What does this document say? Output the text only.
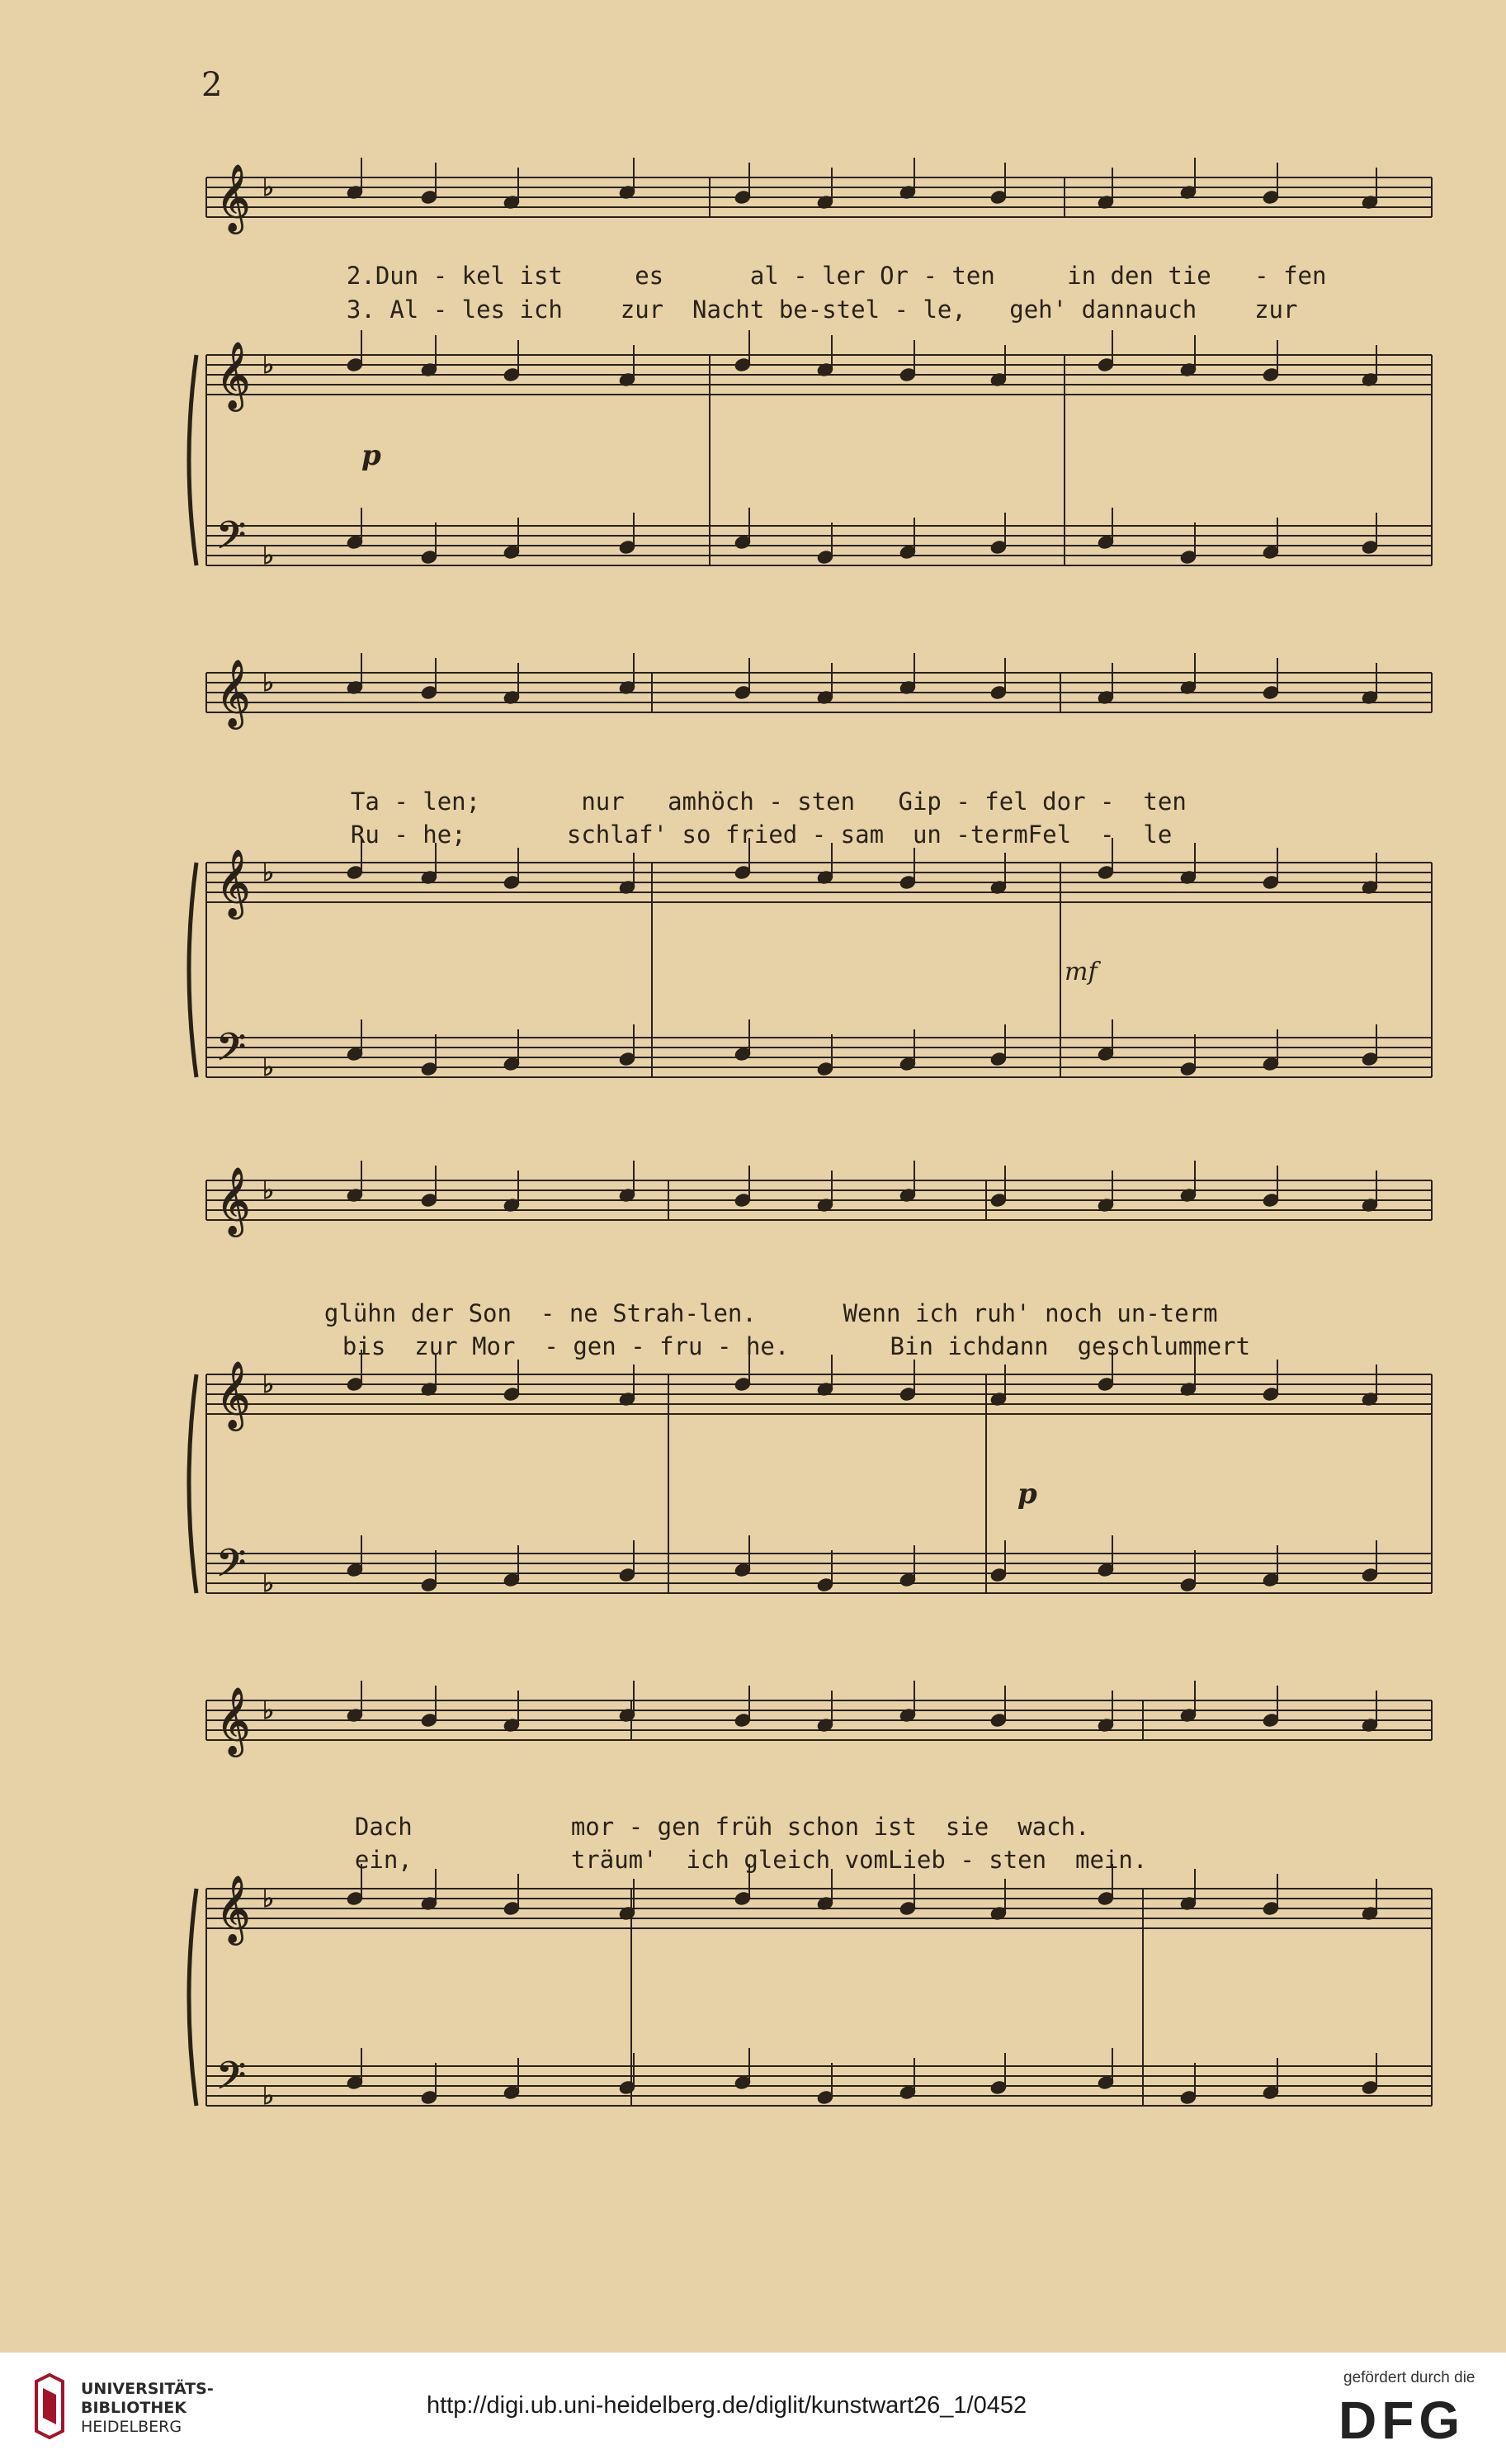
2
𝄞
𝄞
𝄢
♭
♭
♭
𝄞
𝄞
𝄢
♭
♭
♭
𝄞
𝄞
𝄢
♭
♭
♭
𝄞
𝄞
𝄢
♭
♭
♭

2.Dun - kel ist	es	al - ler Or - ten	in den tie - fen

3. Al - les ich zur Nacht be-stel - le, geh' dannauch zur

Ta - len;	nur amhöch - sten Gip - fel dor - ten

Ru - he;	schlaf' so fried - sam un -termFel - le

glühn der Son - ne Strah-len.	Wenn ich ruh' noch un-term

bis zur Mor - gen - fru - he.	Bin ichdann geschlummert

Dach	mor - gen früh schon ist sie wach.

ein,	träum' ich gleich vomLieb - sten mein.

p
mf
p
UNIVERSITÄTS-
BIBLIOTHEK
HEIDELBERG
http://digi.ub.uni-heidelberg.de/diglit/kunstwart26_1/0452
gefördert durch die
DFG
